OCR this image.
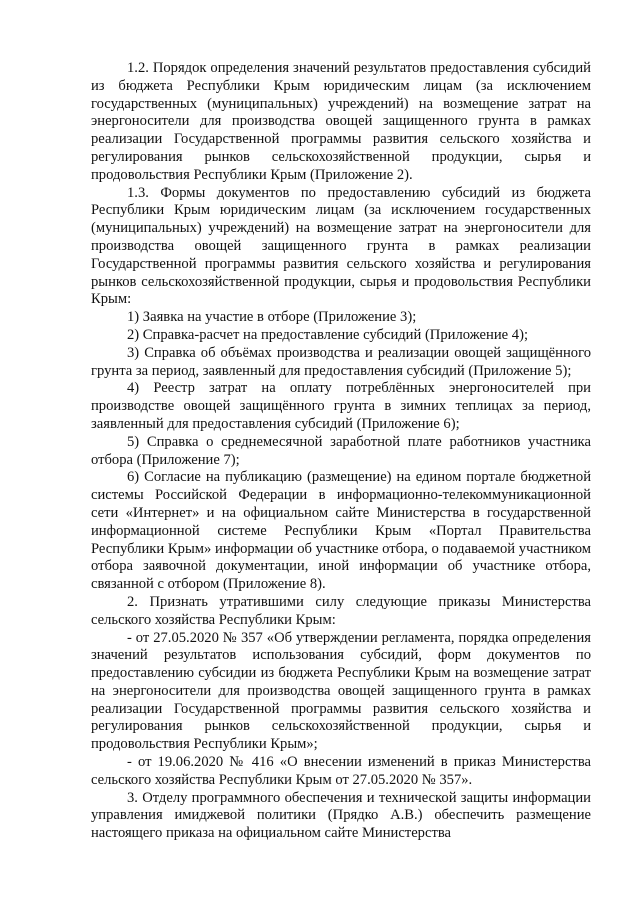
1.2. Порядок определения значений результатов предоставления субсидий из бюджета Республики Крым юридическим лицам (за исключением государственных (муниципальных) учреждений) на возмещение затрат на энергоносители для производства овощей защищенного грунта в рамках реализации Государственной программы развития сельского хозяйства и регулирования рынков сельскохозяйственной продукции, сырья и продовольствия Республики Крым (Приложение 2).

1.3. Формы документов по предоставлению субсидий из бюджета Республики Крым юридическим лицам (за исключением государственных (муниципальных) учреждений) на возмещение затрат на энергоносители для производства овощей защищенного грунта в рамках реализации Государственной программы развития сельского хозяйства и регулирования рынков сельскохозяйственной продукции, сырья и продовольствия Республики Крым:

1) Заявка на участие в отборе (Приложение 3);

2) Справка-расчет на предоставление субсидий (Приложение 4);

3) Справка об объёмах производства и реализации овощей защищённого грунта за период, заявленный для предоставления субсидий (Приложение 5);

4) Реестр затрат на оплату потреблённых энергоносителей при производстве овощей защищённого грунта в зимних теплицах за период, заявленный для предоставления субсидий (Приложение 6);

5) Справка о среднемесячной заработной плате работников участника отбора (Приложение 7);

6) Согласие на публикацию (размещение) на едином портале бюджетной системы Российской Федерации в информационно-телекоммуникационной сети «Интернет» и на официальном сайте Министерства в государственной информационной системе Республики Крым «Портал Правительства Республики Крым» информации об участнике отбора, о подаваемой участником отбора заявочной документации, иной информации об участнике отбора, связанной с отбором (Приложение 8).

2. Признать утратившими силу следующие приказы Министерства сельского хозяйства Республики Крым:

- от 27.05.2020 № 357 «Об утверждении регламента, порядка определения значений результатов использования субсидий, форм документов по предоставлению субсидии из бюджета Республики Крым на возмещение затрат на энергоносители для производства овощей защищенного грунта в рамках реализации Государственной программы развития сельского хозяйства и регулирования рынков сельскохозяйственной продукции, сырья и продовольствия Республики Крым»;

- от 19.06.2020 № 416 «О внесении изменений в приказ Министерства сельского хозяйства Республики Крым от 27.05.2020 № 357».

3. Отделу программного обеспечения и технической защиты информации управления имиджевой политики (Прядко А.В.) обеспечить размещение настоящего приказа на официальном сайте Министерства
